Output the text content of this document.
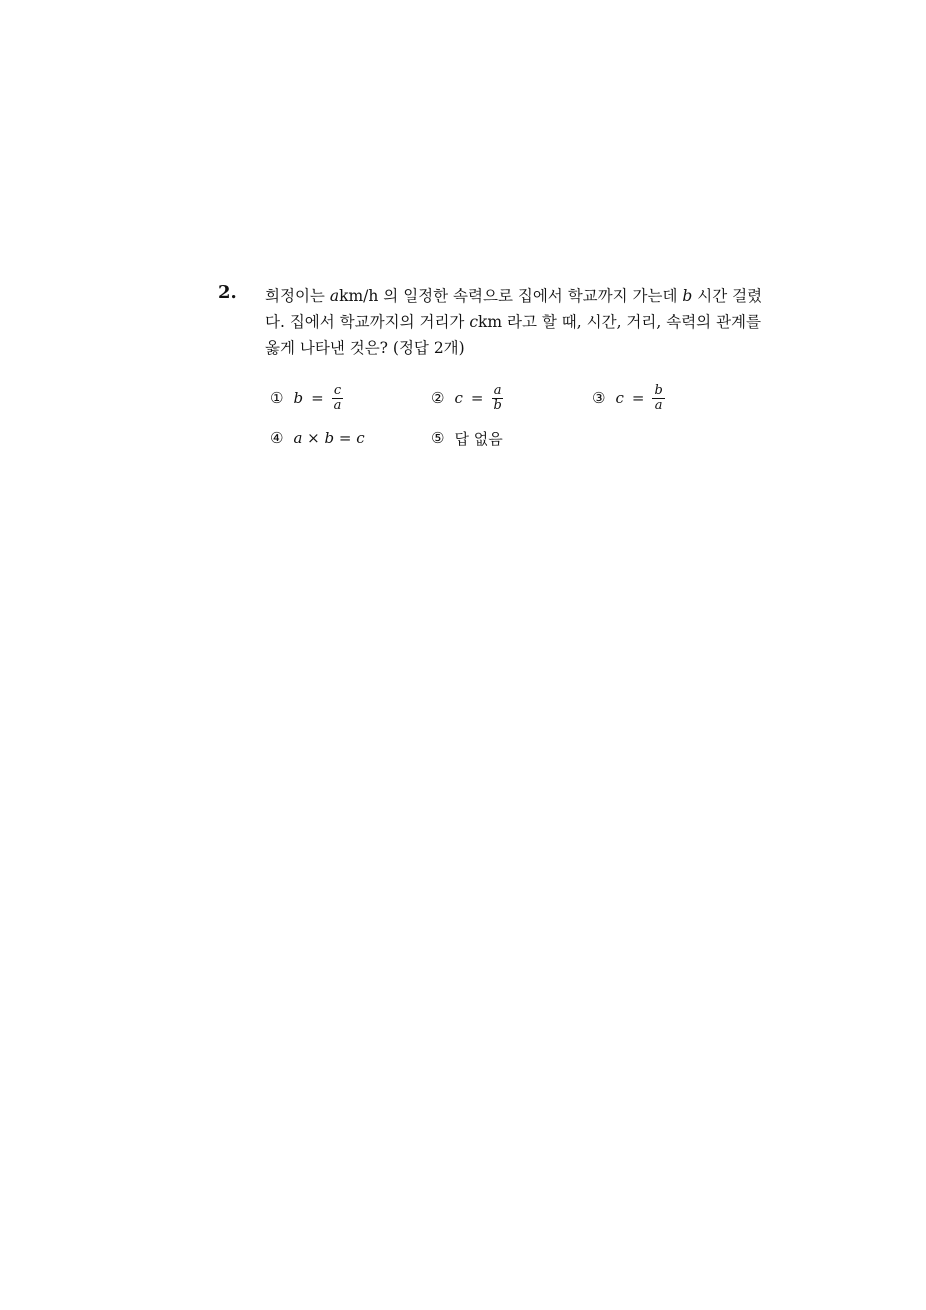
2. 희정이는 akm/h 의 일정한 속력으로 집에서 학교까지 가는데 b 시간 걸렸
다. 집에서 학교까지의 거리가 ckm 라고 할 때, 시간, 거리, 속력의 관계를
옳게 나타낸 것은? (정답 2개)
① $b = \frac{c}{a}$	② $c = \frac{a}{b}$	③ $c = \frac{b}{a}$
④ a × b = c	⑤ 답 없음
